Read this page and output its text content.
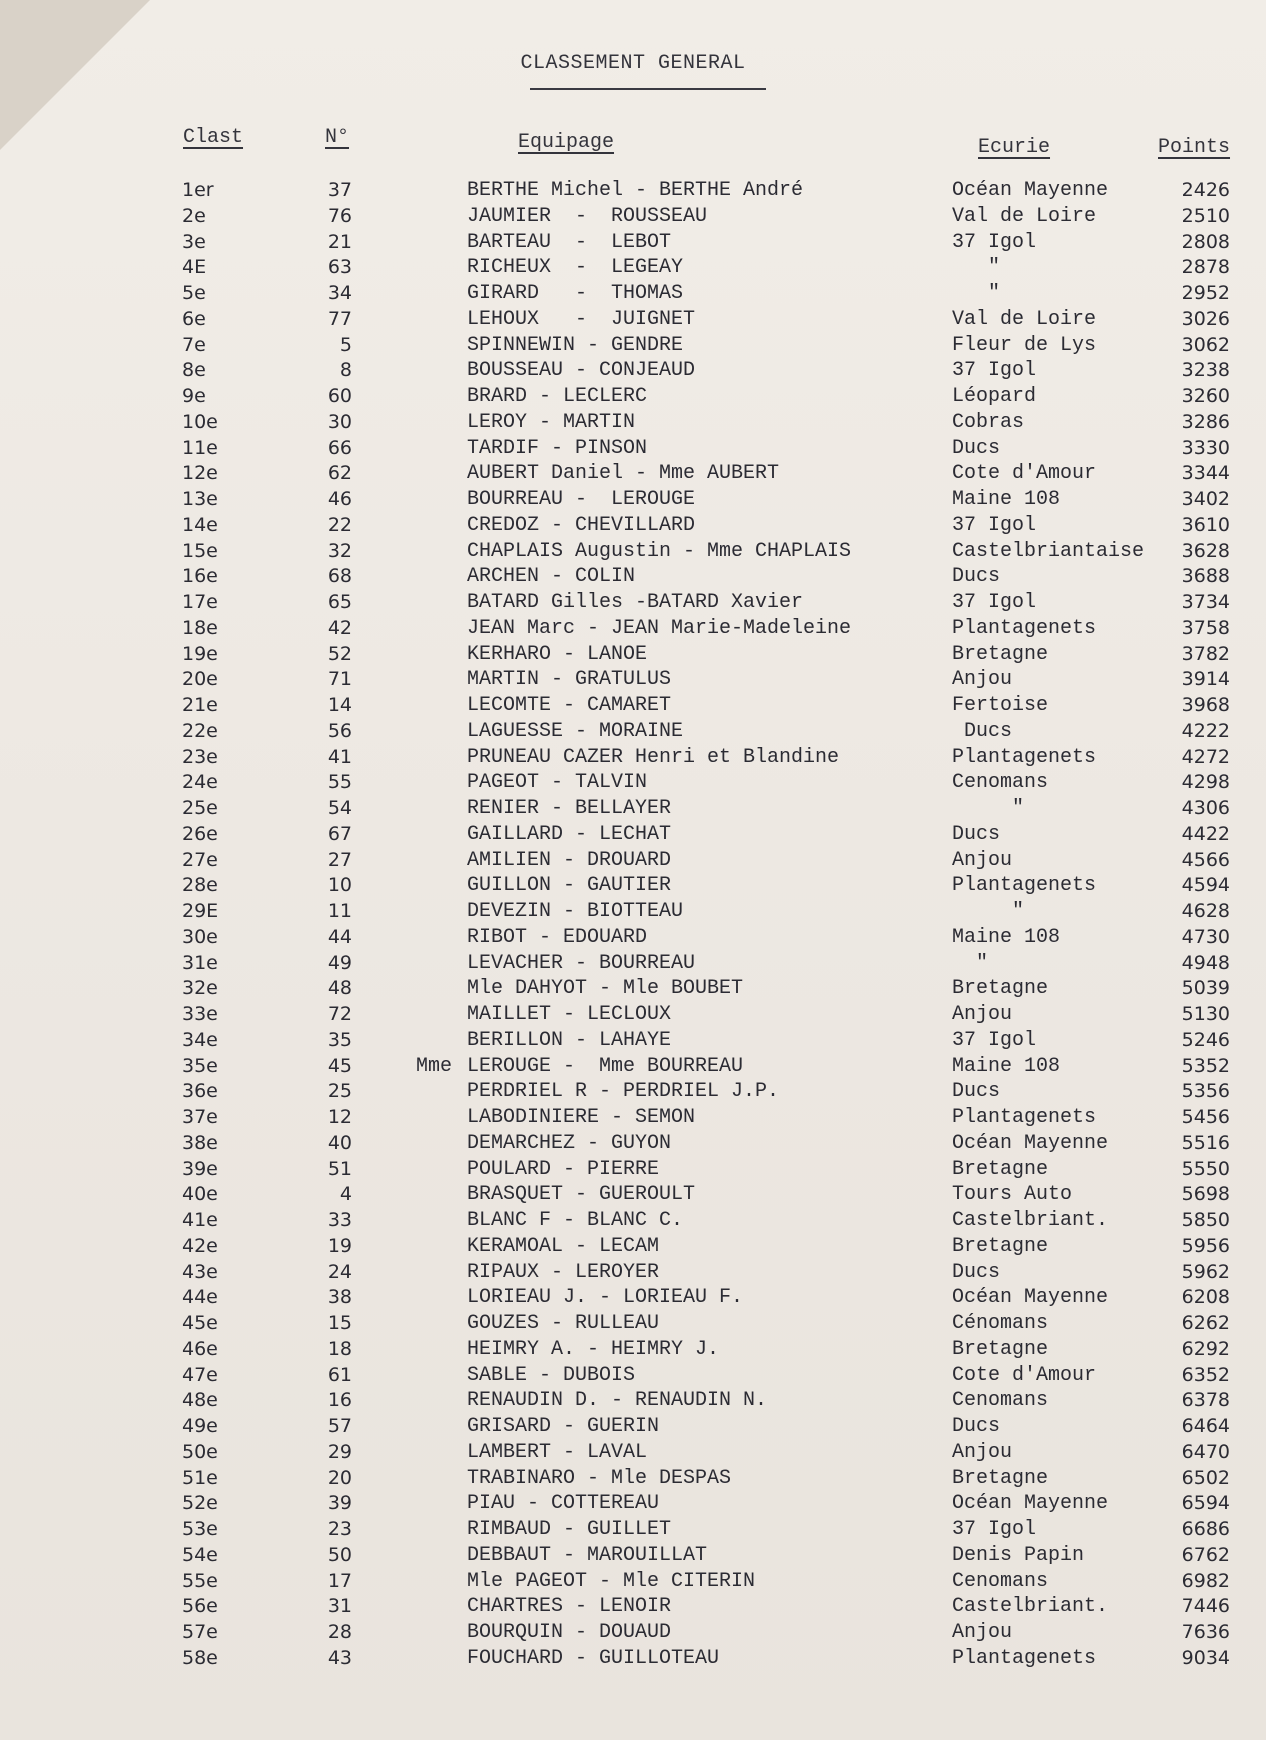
CLASSEMENT GENERAL
Clast	N°	Equipage	Ecurie	Points
1er	37	BERTHE Michel - BERTHE André	Océan Mayenne	2426
2e	76	JAUMIER  -  ROUSSEAU	Val de Loire	2510
3e	21	BARTEAU  -  LEBOT	37 Igol	2808
4E	63	RICHEUX  -  LEGEAY	"	2878
5e	34	GIRARD   -  THOMAS	"	2952
6e	77	LEHOUX   -  JUIGNET	Val de Loire	3026
7e	5	SPINNEWIN - GENDRE	Fleur de Lys	3062
8e	8	BOUSSEAU - CONJEAUD	37 Igol	3238
9e	60	BRARD - LECLERC	Léopard	3260
10e	30	LEROY - MARTIN	Cobras	3286
11e	66	TARDIF - PINSON	Ducs	3330
12e	62	AUBERT Daniel - Mme AUBERT	Cote d'Amour	3344
13e	46	BOURREAU -  LEROUGE	Maine 108	3402
14e	22	CREDOZ - CHEVILLARD	37 Igol	3610
15e	32	CHAPLAIS Augustin - Mme CHAPLAIS	Castelbriantaise	3628
16e	68	ARCHEN - COLIN	Ducs	3688
17e	65	BATARD Gilles -BATARD Xavier	37 Igol	3734
18e	42	JEAN Marc - JEAN Marie-Madeleine	Plantagenets	3758
19e	52	KERHARO - LANOE	Bretagne	3782
20e	71	MARTIN - GRATULUS	Anjou	3914
21e	14	LECOMTE - CAMARET	Fertoise	3968
22e	56	LAGUESSE - MORAINE	Ducs	4222
23e	41	PRUNEAU CAZER Henri et Blandine	Plantagenets	4272
24e	55	PAGEOT - TALVIN	Cenomans	4298
25e	54	RENIER - BELLAYER	"	4306
26e	67	GAILLARD - LECHAT	Ducs	4422
27e	27	AMILIEN - DROUARD	Anjou	4566
28e	10	GUILLON - GAUTIER	Plantagenets	4594
29E	11	DEVEZIN - BIOTTEAU	"	4628
30e	44	RIBOT - EDOUARD	Maine 108	4730
31e	49	LEVACHER - BOURREAU	"	4948
32e	48	Mle DAHYOT - Mle BOUBET	Bretagne	5039
33e	72	MAILLET - LECLOUX	Anjou	5130
34e	35	BERILLON - LAHAYE	37 Igol	5246
35e	45	Mme LEROUGE -  Mme BOURREAU	Maine 108	5352
36e	25	PERDRIEL R - PERDRIEL J.P.	Ducs	5356
37e	12	LABODINIERE - SEMON	Plantagenets	5456
38e	40	DEMARCHEZ - GUYON	Océan Mayenne	5516
39e	51	POULARD - PIERRE	Bretagne	5550
40e	4	BRASQUET - GUEROULT	Tours Auto	5698
41e	33	BLANC F - BLANC C.	Castelbriant.	5850
42e	19	KERAMOAL - LECAM	Bretagne	5956
43e	24	RIPAUX - LEROYER	Ducs	5962
44e	38	LORIEAU J. - LORIEAU F.	Océan Mayenne	6208
45e	15	GOUZES - RULLEAU	Cénomans	6262
46e	18	HEIMRY A. - HEIMRY J.	Bretagne	6292
47e	61	SABLE - DUBOIS	Cote d'Amour	6352
48e	16	RENAUDIN D. - RENAUDIN N.	Cenomans	6378
49e	57	GRISARD - GUERIN	Ducs	6464
50e	29	LAMBERT - LAVAL	Anjou	6470
51e	20	TRABINARO - Mle DESPAS	Bretagne	6502
52e	39	PIAU - COTTEREAU	Océan Mayenne	6594
53e	23	RIMBAUD - GUILLET	37 Igol	6686
54e	50	DEBBAUT - MAROUILLAT	Denis Papin	6762
55e	17	Mle PAGEOT - Mle CITERIN	Cenomans	6982
56e	31	CHARTRES - LENOIR	Castelbriant.	7446
57e	28	BOURQUIN - DOUAUD	Anjou	7636
58e	43	FOUCHARD - GUILLOTEAU	Plantagenets	9034
